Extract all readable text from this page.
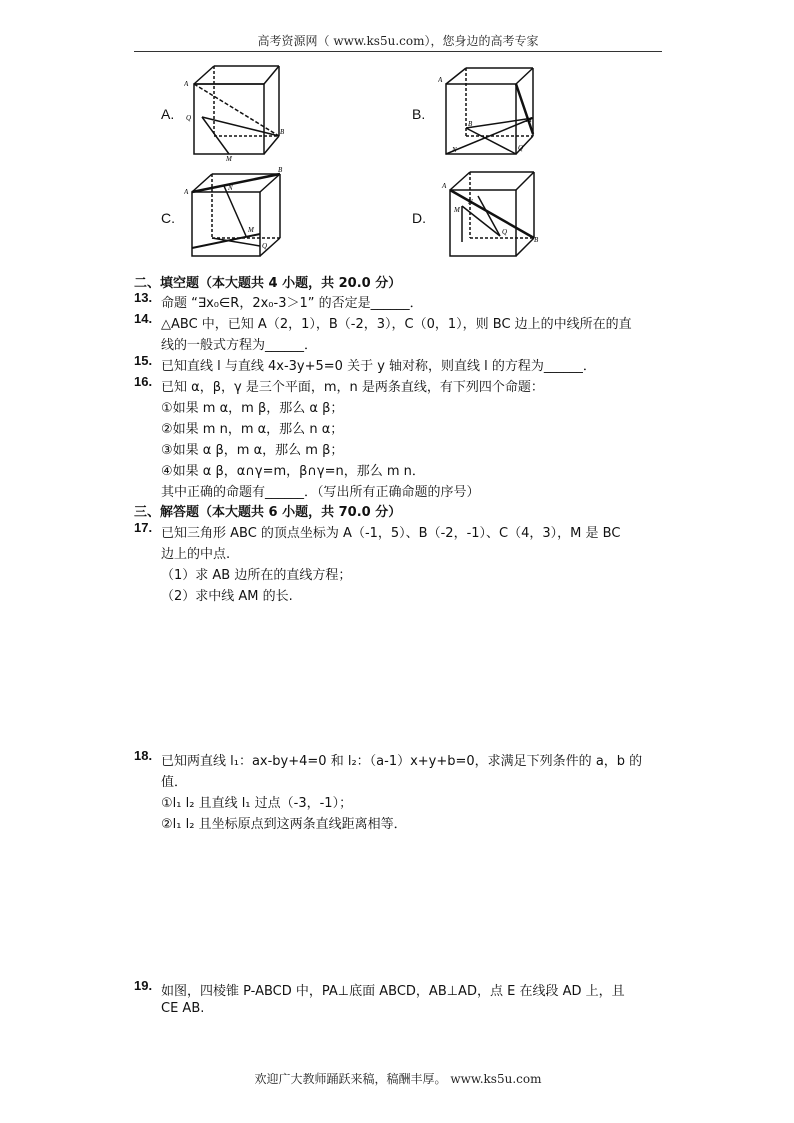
高考资源网（ www.ks5u.com），您身边的高考专家
A.
A
Q
B
M
B.
A
B	M
N	Q
C.
A
B
N
M
Q
D.
A
M
N
Q
B
二、填空题（本大题共 4 小题，共 20.0 分）
13. 命题 “∃x₀∈R，2x₀-3＞1” 的否定是______．
14. △ABC 中，已知 A（2，1），B（-2，3），C（0，1），则 BC 边上的中线所在的直
线的一般式方程为______．
15. 已知直线 l 与直线 4x-3y+5=0 关于 y 轴对称，则直线 l 的方程为______．
16. 已知 α，β，γ 是三个平面，m，n 是两条直线，有下列四个命题：
①如果 m α，m β，那么 α β；
②如果 m n，m α，那么 n α；
③如果 α β，m α，那么 m β；
④如果 α β，α∩γ=m，β∩γ=n，那么 m n．
其中正确的命题有______．（写出所有正确命题的序号）
三、解答题（本大题共 6 小题，共 70.0 分）
17. 已知三角形 ABC 的顶点坐标为 A（-1，5）、B（-2，-1）、C（4，3），M 是 BC
边上的中点.
（1）求 AB 边所在的直线方程；
（2）求中线 AM 的长.
18. 已知两直线 l₁：ax-by+4=0 和 l₂：（a-1）x+y+b=0，求满足下列条件的 a，b 的
值．
①l₁ l₂ 且直线 l₁ 过点（-3，-1）；
②l₁ l₂ 且坐标原点到这两条直线距离相等．
19. 如图，四棱锥 P-ABCD 中，PA⊥底面 ABCD，AB⊥AD，点 E 在线段 AD 上，且
CE AB.
欢迎广大教师踊跃来稿，稿酬丰厚。 www.ks5u.com
